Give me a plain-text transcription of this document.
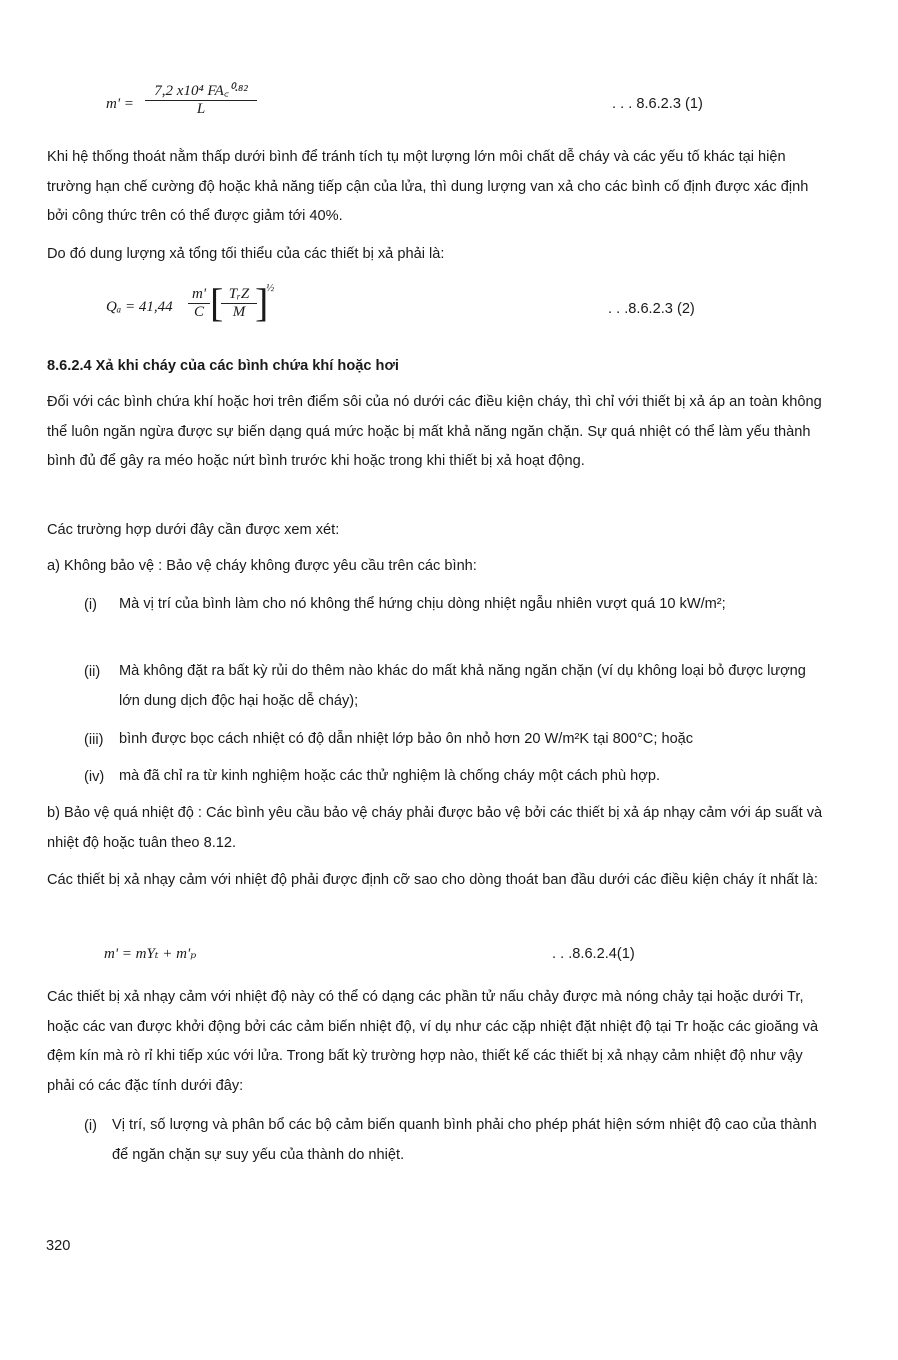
m' =
7,2 x10⁴ FA꜀⁰·⁸²
L	. . . 8.6.2.3 (1)

Khi hệ thống thoát nằm thấp dưới bình để tránh tích tụ một lượng lớn môi chất dễ cháy và các yếu tố khác tại hiện trường hạn chế cường độ hoặc khả năng tiếp cận của lửa, thì dung lượng van xả cho các bình cố định được xác định bởi công thức trên có thể được giảm tới 40%.

Do đó dung lượng xả tổng tối thiểu của các thiết bị xả phải là:

Qₐ = 41,44
m'
C [ TᵣZ
M ]
½
. . .8.6.2.3 (2)

8.6.2.4 Xả khi cháy của các bình chứa khí hoặc hơi

Đối với các bình chứa khí hoặc hơi trên điểm sôi của nó dưới các điều kiện cháy, thì chỉ với thiết bị xả áp an toàn không thể luôn ngăn ngừa được sự biến dạng quá mức hoặc bị mất khả năng ngăn chặn. Sự quá nhiệt có thể làm yếu thành bình đủ để gây ra méo hoặc nứt bình trước khi hoặc trong khi thiết bị xả hoạt động.

Các trường hợp dưới đây cần được xem xét:

a) Không bảo vệ : Bảo vệ cháy không được yêu cầu trên các bình:

(i) Mà vị trí của bình làm cho nó không thể hứng chịu dòng nhiệt ngẫu nhiên vượt quá 10 kW/m²;
(ii) Mà không đặt ra bất kỳ rủi do thêm nào khác do mất khả năng ngăn chặn (ví dụ không loại bỏ được lượng lớn dung dịch độc hại hoặc dễ cháy);
(iii) bình được bọc cách nhiệt có độ dẫn nhiệt lớp bảo ôn nhỏ hơn 20 W/m²K tại 800°C; hoặc
(iv) mà đã chỉ ra từ kinh nghiệm hoặc các thử nghiệm là chống cháy một cách phù hợp.

b) Bảo vệ quá nhiệt độ : Các bình yêu cầu bảo vệ cháy phải được bảo vệ bởi các thiết bị xả áp nhạy cảm với áp suất và nhiệt độ hoặc tuân theo 8.12.

Các thiết bị xả nhạy cảm với nhiệt độ phải được định cỡ sao cho dòng thoát ban đầu dưới các điều kiện cháy ít nhất là:

m' = mYₜ + m'ₚ	. . .8.6.2.4(1)

Các thiết bị xả nhạy cảm với nhiệt độ này có thể có dạng các phần tử nấu chảy được mà nóng chảy tại hoặc dưới Tr, hoặc các van được khởi động bởi các cảm biến nhiệt độ, ví dụ như các cặp nhiệt đặt nhiệt độ tại Tr hoặc các gioăng và đệm kín mà rò rỉ khi tiếp xúc với lửa. Trong bất kỳ trường hợp nào, thiết kế các thiết bị xả nhạy cảm nhiệt độ như vậy phải có các đặc tính dưới đây:

(i) Vị trí, số lượng và phân bổ các bộ cảm biến quanh bình phải cho phép phát hiện sớm nhiệt độ cao của thành để ngăn chặn sự suy yếu của thành do nhiệt.
320
